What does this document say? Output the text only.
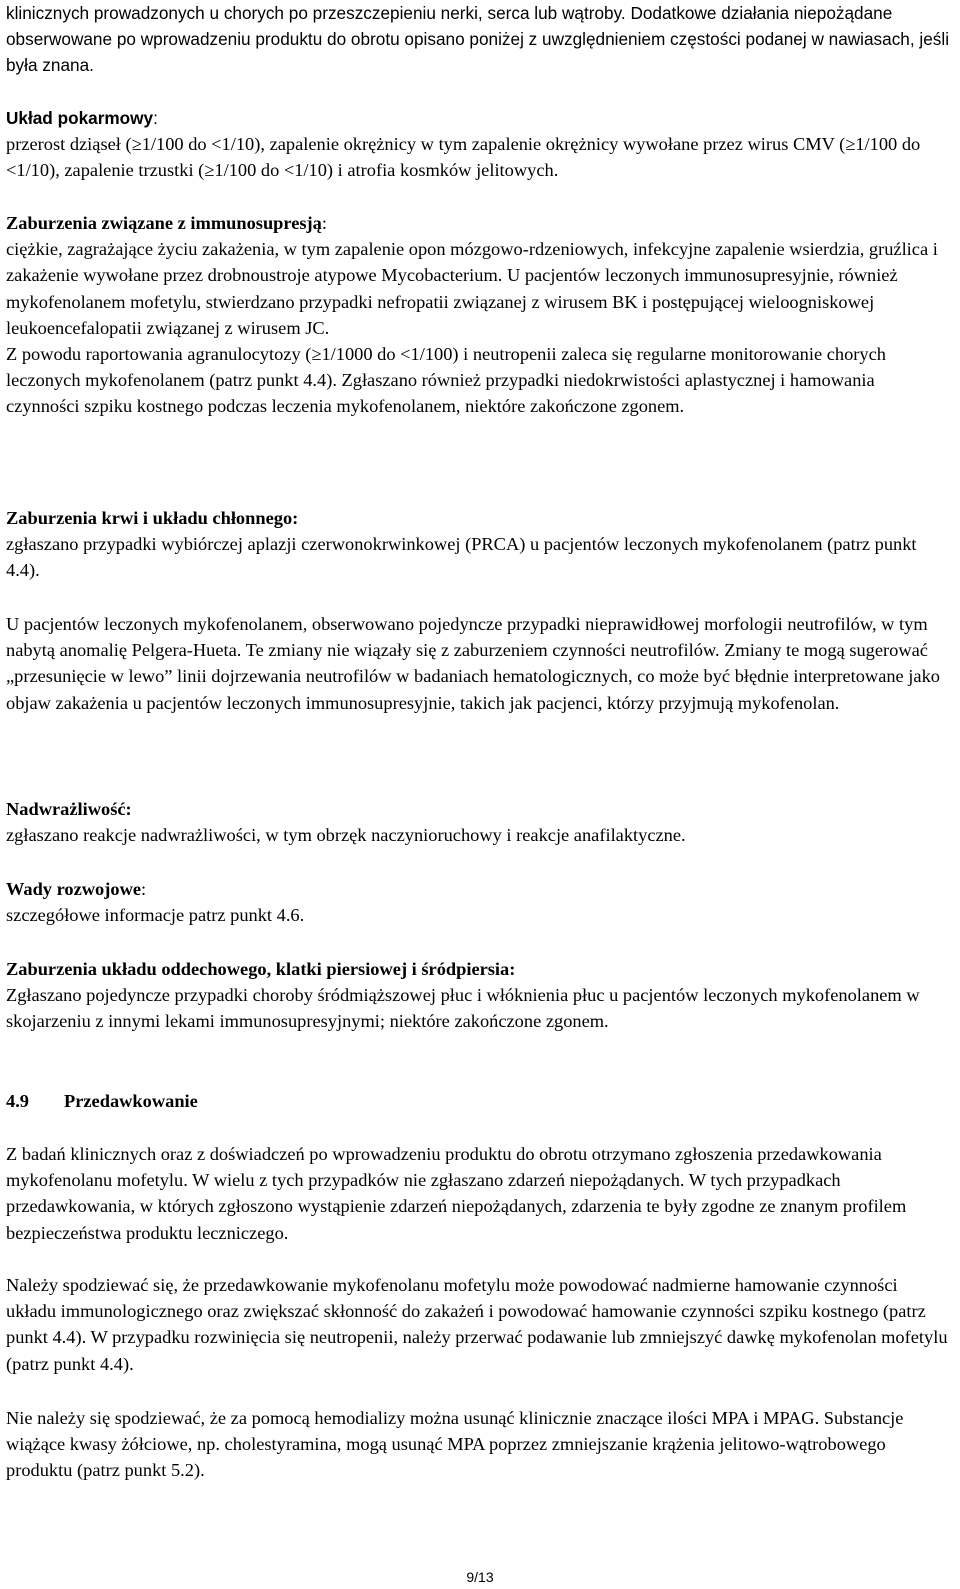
klinicznych prowadzonych u chorych po przeszczepieniu nerki, serca lub wątroby. Dodatkowe działania niepożądane obserwowane po wprowadzeniu produktu do obrotu opisano poniżej z uwzględnieniem częstości podanej w nawiasach, jeśli była znana.

Układ pokarmowy:
przerost dziąseł (≥1/100 do <1/10), zapalenie okrężnicy w tym zapalenie okrężnicy wywołane przez wirus CMV (≥1/100 do <1/10), zapalenie trzustki (≥1/100 do <1/10) i atrofia kosmków jelitowych.

Zaburzenia związane z immunosupresją:
ciężkie, zagrażające życiu zakażenia, w tym zapalenie opon mózgowo-rdzeniowych, infekcyjne zapalenie wsierdzia, gruźlica i zakażenie wywołane przez drobnoustroje atypowe Mycobacterium. U pacjentów leczonych immunosupresyjnie, również mykofenolanem mofetylu, stwierdzano przypadki nefropatii związanej z wirusem BK i postępującej wieloogniskowej leukoencefalopatii związanej z wirusem JC.
Z powodu raportowania agranulocytozy (≥1/1000 do <1/100) i neutropenii zaleca się regularne monitorowanie chorych leczonych mykofenolanem (patrz punkt 4.4). Zgłaszano również przypadki niedokrwistości aplastycznej i hamowania czynności szpiku kostnego podczas leczenia mykofenolanem, niektóre zakończone zgonem.

Zaburzenia krwi i układu chłonnego:
zgłaszano przypadki wybiórczej aplazji czerwonokrwinkowej (PRCA) u pacjentów leczonych mykofenolanem (patrz punkt 4.4).

U pacjentów leczonych mykofenolanem, obserwowano pojedyncze przypadki nieprawidłowej morfologii neutrofilów, w tym nabytą anomalię Pelgera-Hueta. Te zmiany nie wiązały się z zaburzeniem czynności neutrofilów. Zmiany te mogą sugerować „przesunięcie w lewo” linii dojrzewania neutrofilów w badaniach hematologicznych, co może być błędnie interpretowane jako objaw zakażenia u pacjentów leczonych immunosupresyjnie, takich jak pacjenci, którzy przyjmują mykofenolan.

Nadwrażliwość:
zgłaszano reakcje nadwrażliwości, w tym obrzęk naczynioruchowy i reakcje anafilaktyczne.

Wady rozwojowe:
szczegółowe informacje patrz punkt 4.6.

Zaburzenia układu oddechowego, klatki piersiowej i śródpiersia:
Zgłaszano pojedyncze przypadki choroby śródmiąższowej płuc i włóknienia płuc u pacjentów leczonych mykofenolanem w skojarzeniu z innymi lekami immunosupresyjnymi; niektóre zakończone zgonem.

4.9 Przedawkowanie

Z badań klinicznych oraz z doświadczeń po wprowadzeniu produktu do obrotu otrzymano zgłoszenia przedawkowania mykofenolanu mofetylu. W wielu z tych przypadków nie zgłaszano zdarzeń niepożądanych. W tych przypadkach przedawkowania, w których zgłoszono wystąpienie zdarzeń niepożądanych, zdarzenia te były zgodne ze znanym profilem bezpieczeństwa produktu leczniczego.

Należy spodziewać się, że przedawkowanie mykofenolanu mofetylu może powodować nadmierne hamowanie czynności układu immunologicznego oraz zwiększać skłonność do zakażeń i powodować hamowanie czynności szpiku kostnego (patrz punkt 4.4). W przypadku rozwinięcia się neutropenii, należy przerwać podawanie lub zmniejszyć dawkę mykofenolan mofetylu (patrz punkt 4.4).

Nie należy się spodziewać, że za pomocą hemodializy można usunąć klinicznie znaczące ilości MPA i MPAG. Substancje wiążące kwasy żółciowe, np. cholestyramina, mogą usunąć MPA poprzez zmniejszanie krążenia jelitowo-wątrobowego produktu (patrz punkt 5.2).

9/13
